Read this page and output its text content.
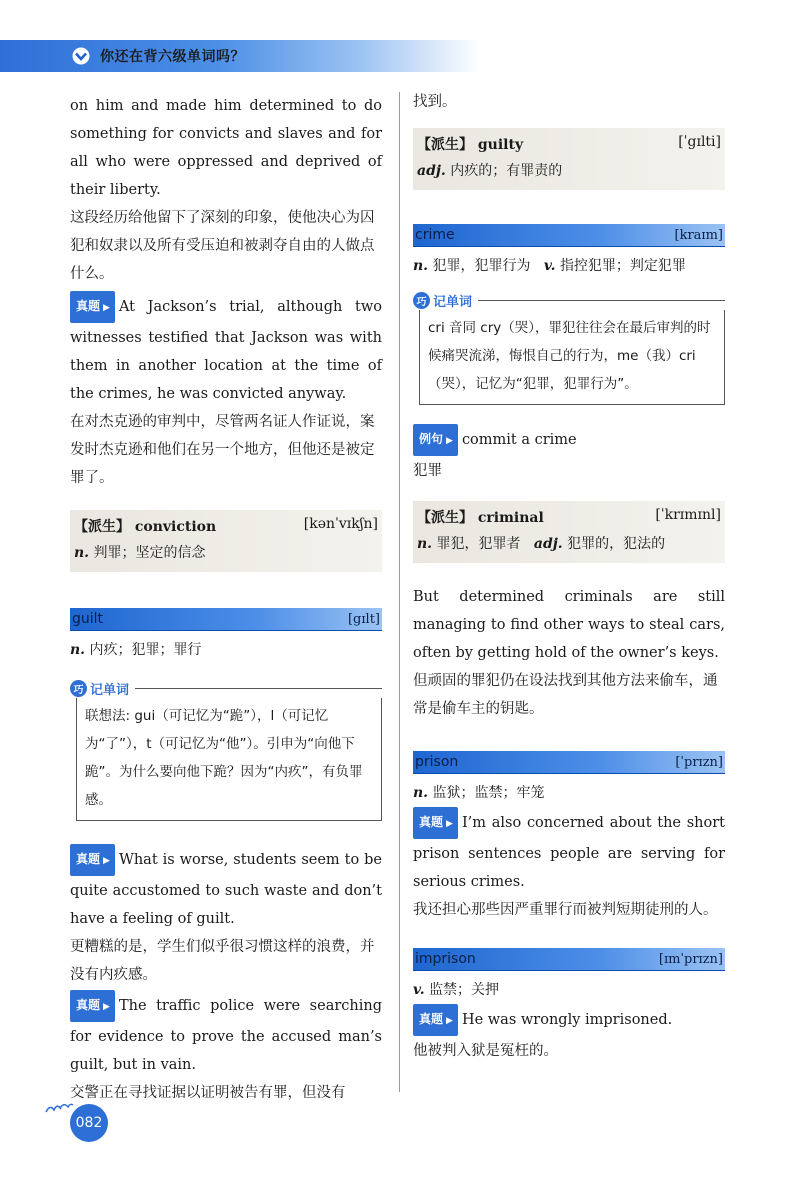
你还在背六级单词吗？

on him and made him determined to do something for convicts and slaves and for all who were oppressed and deprived of their liberty.

这段经历给他留下了深刻的印象，使他决心为囚犯和奴隶以及所有受压迫和被剥夺自由的人做点什么。

真题 ▶ At Jackson’s trial, although two witnesses testified that Jackson was with them in another location at the time of the crimes, he was convicted anyway.

在对杰克逊的审判中，尽管两名证人作证说，案发时杰克逊和他们在另一个地方，但他还是被定罪了。

【派生】 conviction	[kənˈvɪkʃn]
n. 判罪；坚定的信念
guilt	[gɪlt]

n. 内疚；犯罪；罪行

巧 记单词
联想法: gui（可记忆为“跪”），l（可记忆为“了”），t（可记忆为“他”）。引申为“向他下跪”。为什么要向他下跪？因为“内疚”，有负罪感。

真题 ▶ What is worse, students seem to be quite accustomed to such waste and don’t have a feeling of guilt.

更糟糕的是，学生们似乎很习惯这样的浪费，并没有内疚感。

真题 ▶ The traffic police were searching for evidence to prove the accused man’s guilt, but in vain.

交警正在寻找证据以证明被告有罪，但没有

找到。

【派生】 guilty	[ˈgɪlti]
adj. 内疚的；有罪责的
crime	[kraɪm]

n. 犯罪，犯罪行为 v. 指控犯罪；判定犯罪

巧 记单词
cri 音同 cry（哭），罪犯往往会在最后审判的时候痛哭流涕，悔恨自己的行为，me（我）cri（哭），记忆为“犯罪，犯罪行为”。

例句 ▶ commit a crime

犯罪

【派生】 criminal	[ˈkrɪmɪnl]
n. 罪犯，犯罪者 adj. 犯罪的，犯法的

But determined criminals are still managing to find other ways to steal cars, often by getting hold of the owner’s keys.

但顽固的罪犯仍在设法找到其他方法来偷车，通常是偷车主的钥匙。

prison	[ˈprɪzn]

n. 监狱；监禁；牢笼

真题 ▶ I’m also concerned about the short prison sentences people are serving for serious crimes.

我还担心那些因严重罪行而被判短期徒刑的人。

imprison	[ɪmˈprɪzn]

v. 监禁；关押

真题 ▶ He was wrongly imprisoned.

他被判入狱是冤枉的。

082
